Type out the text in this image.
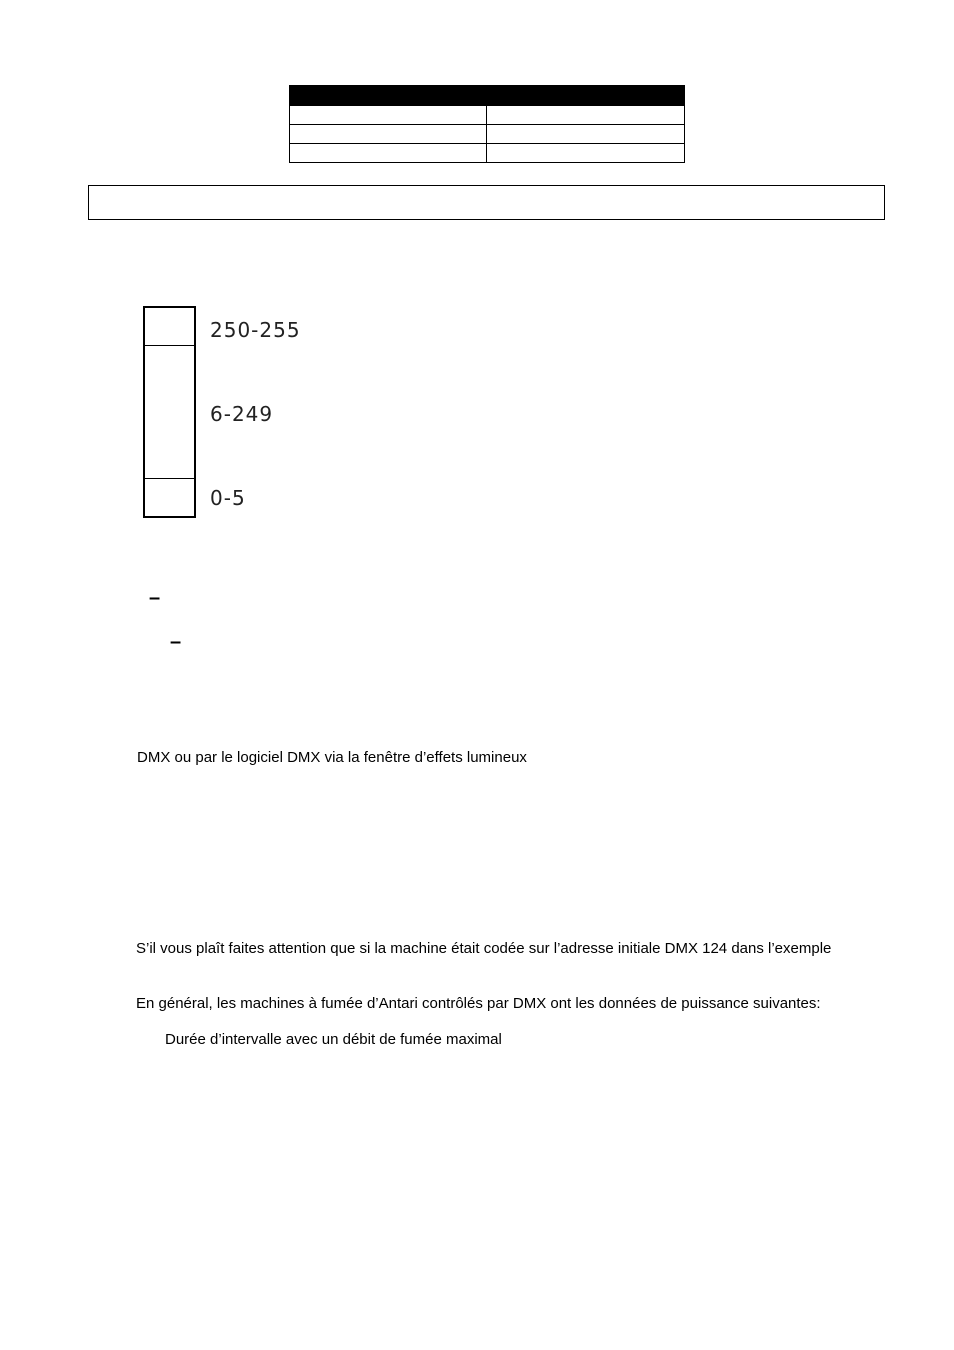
250-255
6-249
0-5
–
–
DMX ou par le logiciel DMX via la fenêtre d’effets lumineux
S’il vous plaît faites attention que si la machine était codée sur l’adresse initiale DMX 124 dans l’exemple
En général, les machines à fumée d’Antari contrôlés par DMX ont les données de puissance suivantes:
Durée d’intervalle avec un débit de fumée maximal
